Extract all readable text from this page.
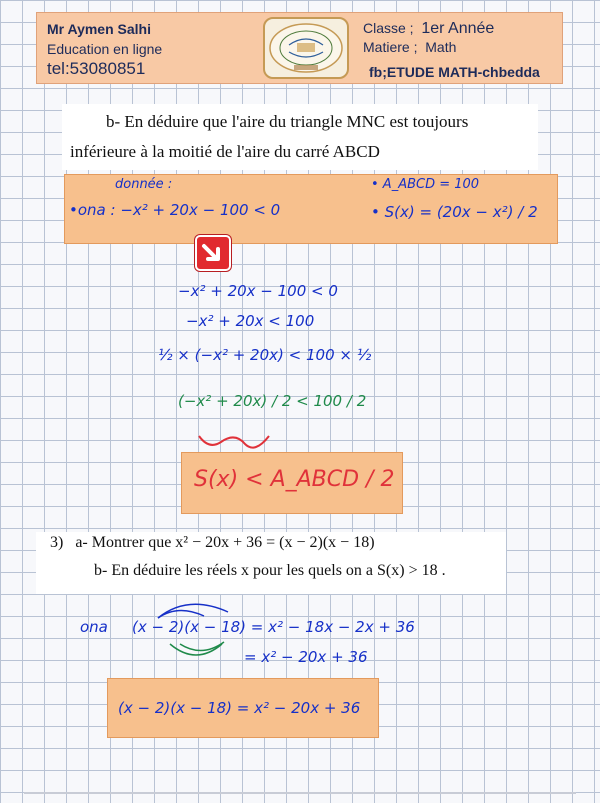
Mr Aymen Salhi
Education en ligne
tel:53080851
Classe ; 1er Année
Matiere ; Math
fb;ETUDE MATH-chbedda
b- En déduire que l'aire du triangle MNC est toujours
inférieure à la moitié de l'aire du carré ABCD
donnée :
•ona : −x² + 20x − 100 < 0
• A_ABCD = 100
• S(x) = (20x − x²) / 2
−x² + 20x − 100 < 0
−x² + 20x < 100
½ × (−x² + 20x) < 100 × ½
(−x² + 20x) / 2 < 100 / 2
S(x) < A_ABCD / 2
3) a- Montrer que x² − 20x + 36 = (x − 2)(x − 18)
b- En déduire les réels x pour les quels on a S(x) > 18 .
ona (x − 2)(x − 18) = x² − 18x − 2x + 36
= x² − 20x + 36
(x − 2)(x − 18) = x² − 20x + 36
